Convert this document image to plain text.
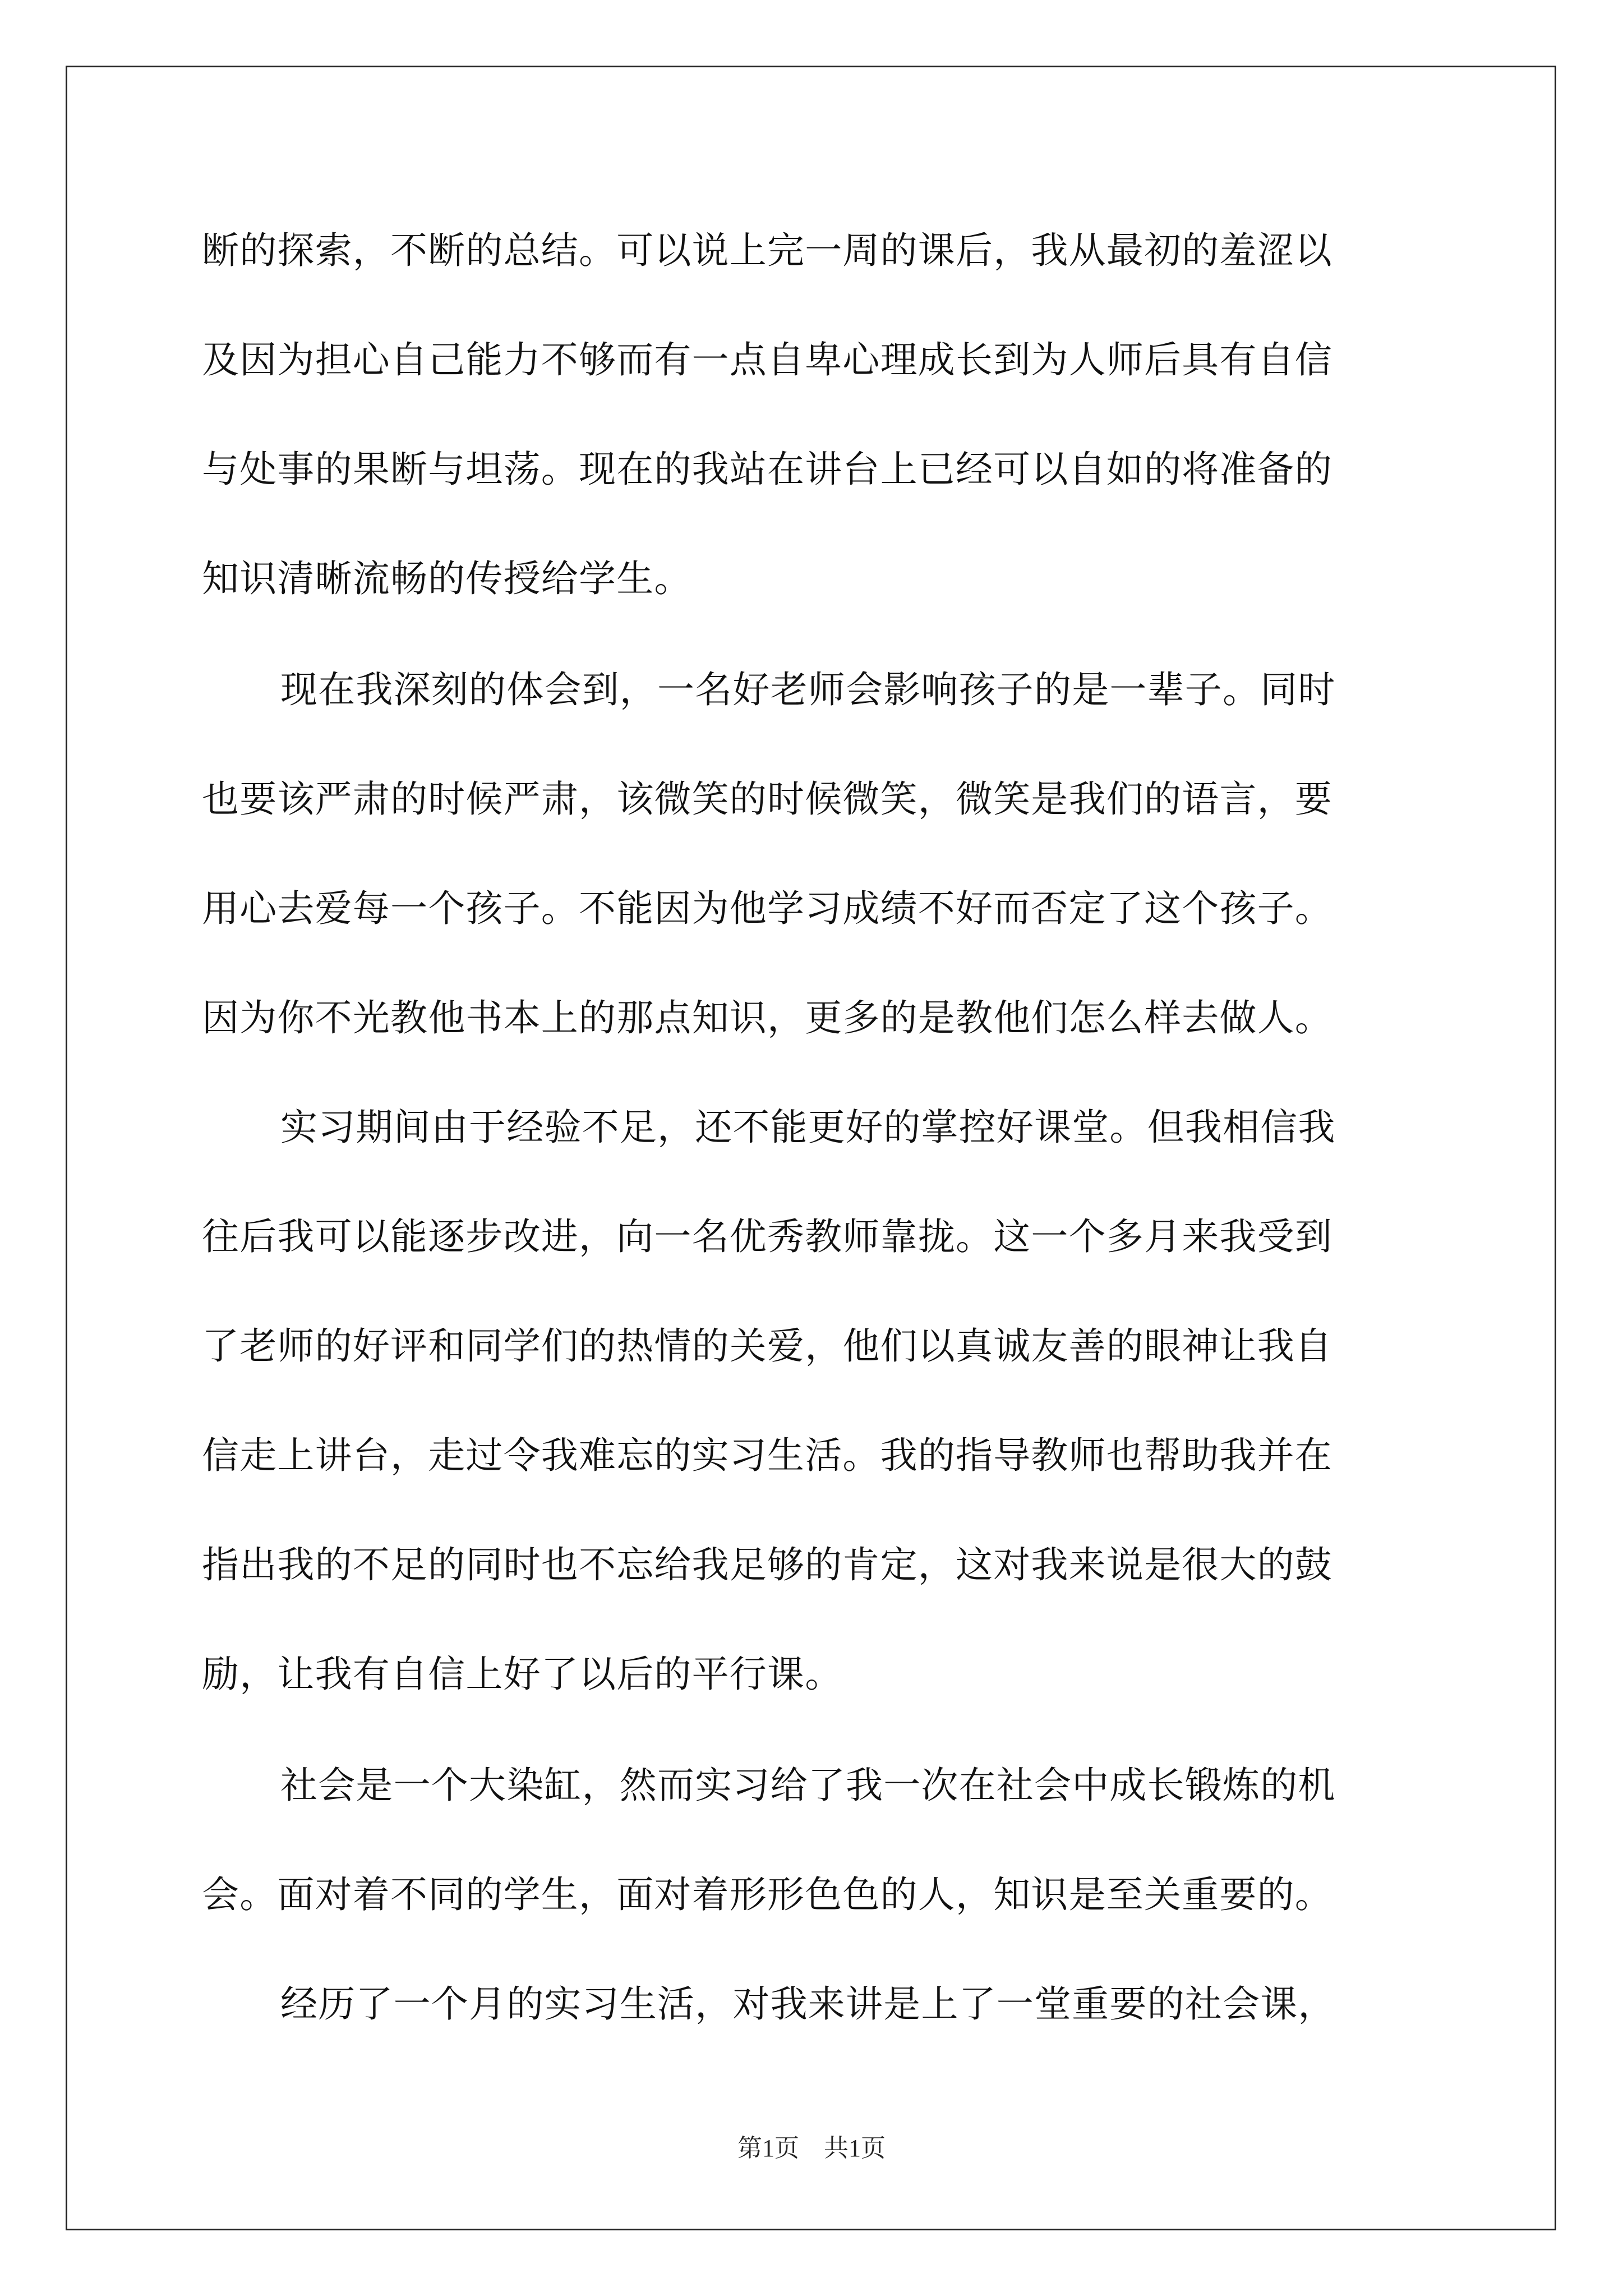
断的探索，不断的总结。可以说上完一周的课后，我从最初的羞涩以
及因为担心自己能力不够而有一点自卑心理成长到为人师后具有自信
与处事的果断与坦荡。现在的我站在讲台上已经可以自如的将准备的
知识清晰流畅的传授给学生。
现在我深刻的体会到，一名好老师会影响孩子的是一辈子。同时
也要该严肃的时候严肃，该微笑的时候微笑，微笑是我们的语言，要
用心去爱每一个孩子。不能因为他学习成绩不好而否定了这个孩子。
因为你不光教他书本上的那点知识，更多的是教他们怎么样去做人。
实习期间由于经验不足，还不能更好的掌控好课堂。但我相信我
往后我可以能逐步改进，向一名优秀教师靠拢。这一个多月来我受到
了老师的好评和同学们的热情的关爱，他们以真诚友善的眼神让我自
信走上讲台，走过令我难忘的实习生活。我的指导教师也帮助我并在
指出我的不足的同时也不忘给我足够的肯定，这对我来说是很大的鼓
励，让我有自信上好了以后的平行课。
社会是一个大染缸，然而实习给了我一次在社会中成长锻炼的机
会。面对着不同的学生，面对着形形色色的人，知识是至关重要的。
经历了一个月的实习生活，对我来讲是上了一堂重要的社会课，
第1页 共1页
